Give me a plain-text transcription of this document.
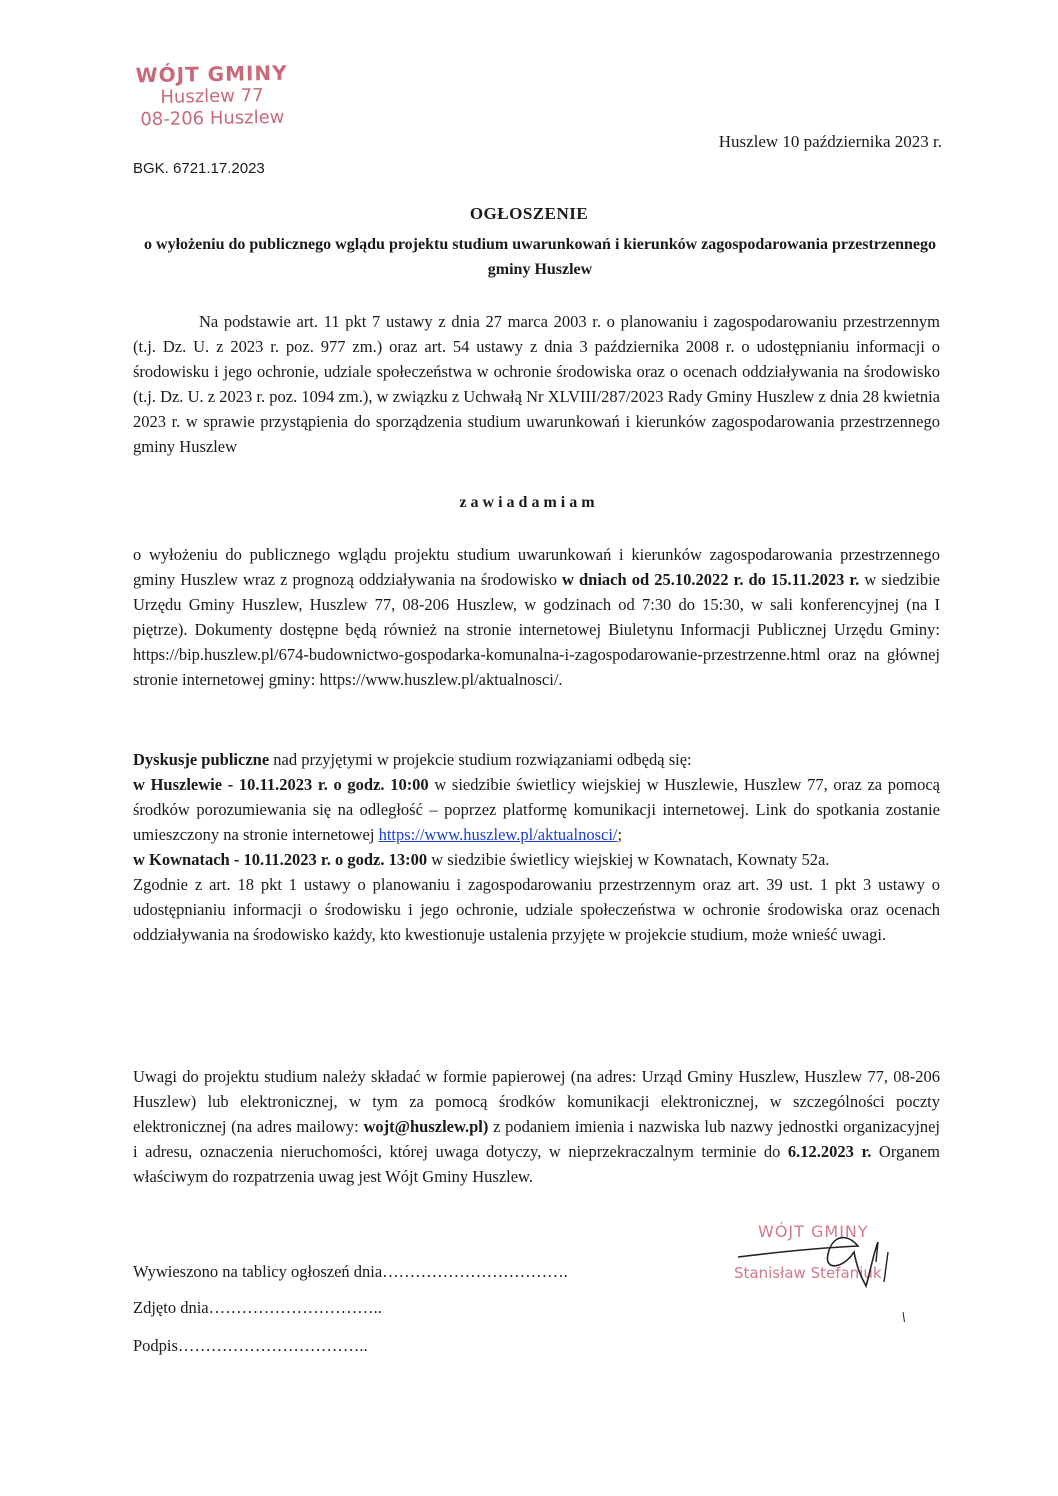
WÓJT GMINY
Huszlew 77
08-206 Huszlew
BGK. 6721.17.2023
Huszlew 10 października 2023 r.
OGŁOSZENIE
o wyłożeniu do publicznego wglądu projektu studium uwarunkowań i kierunków zagospodarowania przestrzennego gminy Huszlew
Na podstawie art. 11 pkt 7 ustawy z dnia 27 marca 2003 r. o planowaniu i zagospodarowaniu przestrzennym (t.j. Dz. U. z 2023 r. poz. 977 zm.) oraz art. 54 ustawy z dnia 3 października 2008 r. o udostępnianiu informacji o środowisku i jego ochronie, udziale społeczeństwa w ochronie środowiska oraz o ocenach oddziaływania na środowisko (t.j. Dz. U. z 2023 r. poz. 1094 zm.), w związku z Uchwałą Nr XLVIII/287/2023 Rady Gminy Huszlew z dnia 28 kwietnia 2023 r. w sprawie przystąpienia do sporządzenia studium uwarunkowań i kierunków zagospodarowania przestrzennego gminy Huszlew
zawiadamiam
o wyłożeniu do publicznego wglądu projektu studium uwarunkowań i kierunków zagospodarowania przestrzennego gminy Huszlew wraz z prognozą oddziaływania na środowisko w dniach od 25.10.2022 r. do 15.11.2023 r. w siedzibie Urzędu Gminy Huszlew, Huszlew 77, 08-206 Huszlew, w godzinach od 7:30 do 15:30, w sali konferencyjnej (na I piętrze). Dokumenty dostępne będą również na stronie internetowej Biuletynu Informacji Publicznej Urzędu Gminy: https://bip.huszlew.pl/674-budownictwo-gospodarka-komunalna-i-zagospodarowanie-przestrzenne.html oraz na głównej stronie internetowej gminy: https://www.huszlew.pl/aktualnosci/.
Dyskusje publiczne nad przyjętymi w projekcie studium rozwiązaniami odbędą się:
w Huszlewie - 10.11.2023 r. o godz. 10:00 w siedzibie świetlicy wiejskiej w Huszlewie, Huszlew 77, oraz za pomocą środków porozumiewania się na odległość – poprzez platformę komunikacji internetowej. Link do spotkania zostanie umieszczony na stronie internetowej https://www.huszlew.pl/aktualnosci/;
w Kownatach - 10.11.2023 r. o godz. 13:00 w siedzibie świetlicy wiejskiej w Kownatach, Kownaty 52a.
Zgodnie z art. 18 pkt 1 ustawy o planowaniu i zagospodarowaniu przestrzennym oraz art. 39 ust. 1 pkt 3 ustawy o udostępnianiu informacji o środowisku i jego ochronie, udziale społeczeństwa w ochronie środowiska oraz ocenach oddziaływania na środowisko każdy, kto kwestionuje ustalenia przyjęte w projekcie studium, może wnieść uwagi.
Uwagi do projektu studium należy składać w formie papierowej (na adres: Urząd Gminy Huszlew, Huszlew 77, 08-206 Huszlew) lub elektronicznej, w tym za pomocą środków komunikacji elektronicznej, w szczególności poczty elektronicznej (na adres mailowy: wojt@huszlew.pl) z podaniem imienia i nazwiska lub nazwy jednostki organizacyjnej i adresu, oznaczenia nieruchomości, której uwaga dotyczy, w nieprzekraczalnym terminie do 6.12.2023 r. Organem właściwym do rozpatrzenia uwag jest Wójt Gminy Huszlew.
WÓJT GMINY
Stanisław Stefaniuk
Wywieszono na tablicy ogłoszeń dnia…………………………….
Zdjęto dnia…………………………..
Podpis……………………………..
